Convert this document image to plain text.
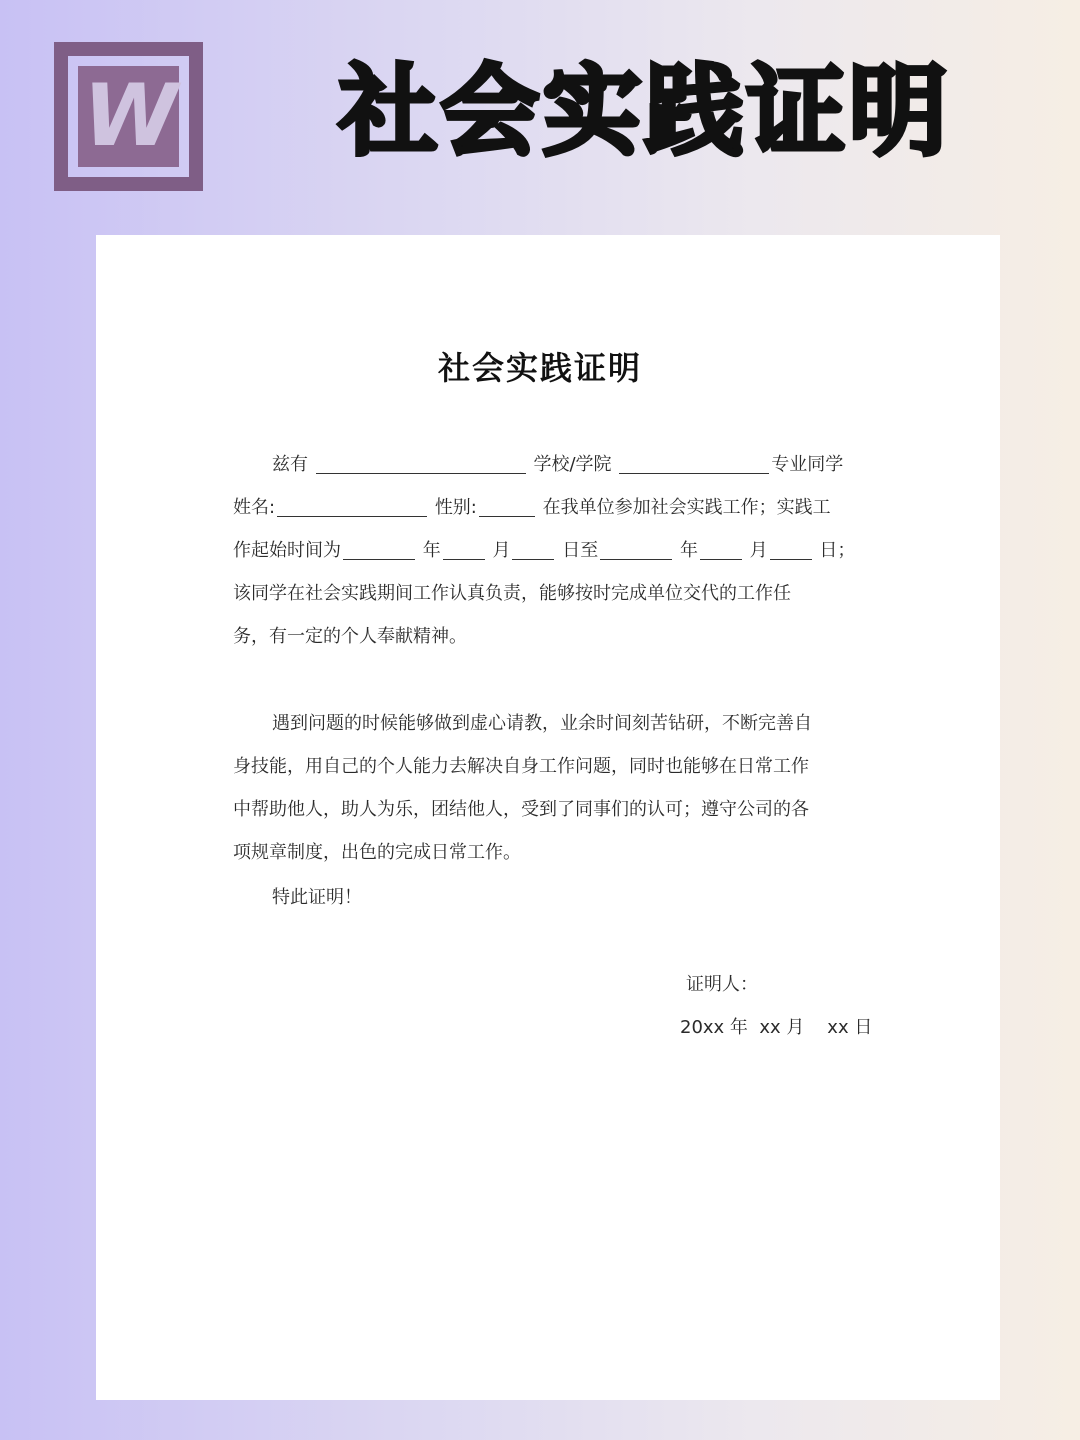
W	社会实践证明
社会实践证明
兹有	学校/学院	专业同学
姓名:	性别:	在我单位参加社会实践工作；实践工
作起始时间为	年	月	日至	年	月	日；
该同学在社会实践期间工作认真负责，能够按时完成单位交代的工作任
务，有一定的个人奉献精神。
遇到问题的时候能够做到虚心请教，业余时间刻苦钻研，不断完善自
身技能，用自己的个人能力去解决自身工作问题，同时也能够在日常工作
中帮助他人，助人为乐，团结他人，受到了同事们的认可；遵守公司的各
项规章制度，出色的完成日常工作。
特此证明！
证明人：
20xx 年  xx 月    xx 日
